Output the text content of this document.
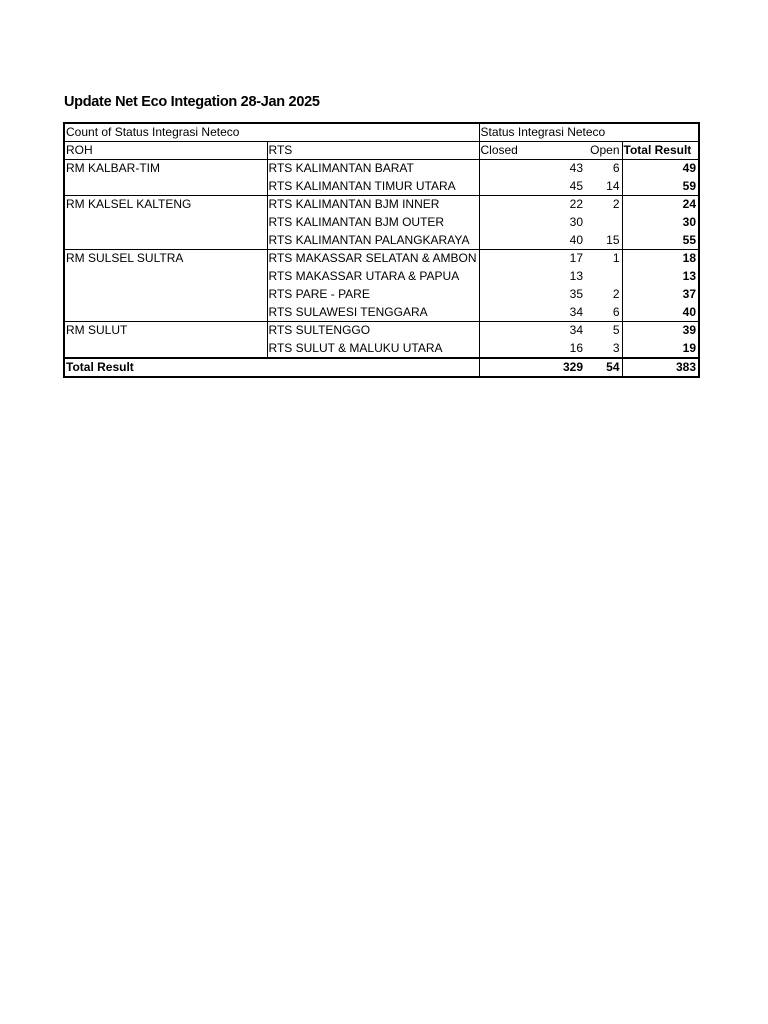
Update Net Eco Integation 28-Jan 2025
Count of Status Integrasi Neteco		Status Integrasi Neteco		
ROH	RTS	Closed	Open	Total Result
RM KALBAR-TIM	RTS KALIMANTAN BARAT	43	6	49
	RTS KALIMANTAN TIMUR UTARA	45	14	59
RM KALSEL KALTENG	RTS KALIMANTAN BJM INNER	22	2	24
	RTS KALIMANTAN BJM OUTER	30		30
	RTS KALIMANTAN PALANGKARAYA	40	15	55
RM SULSEL SULTRA	RTS MAKASSAR SELATAN & AMBON	17	1	18
	RTS MAKASSAR UTARA & PAPUA	13		13
	RTS PARE - PARE	35	2	37
	RTS SULAWESI TENGGARA	34	6	40
RM SULUT	RTS SULTENGGO	34	5	39
	RTS SULUT & MALUKU UTARA	16	3	19
Total Result		329	54	383
